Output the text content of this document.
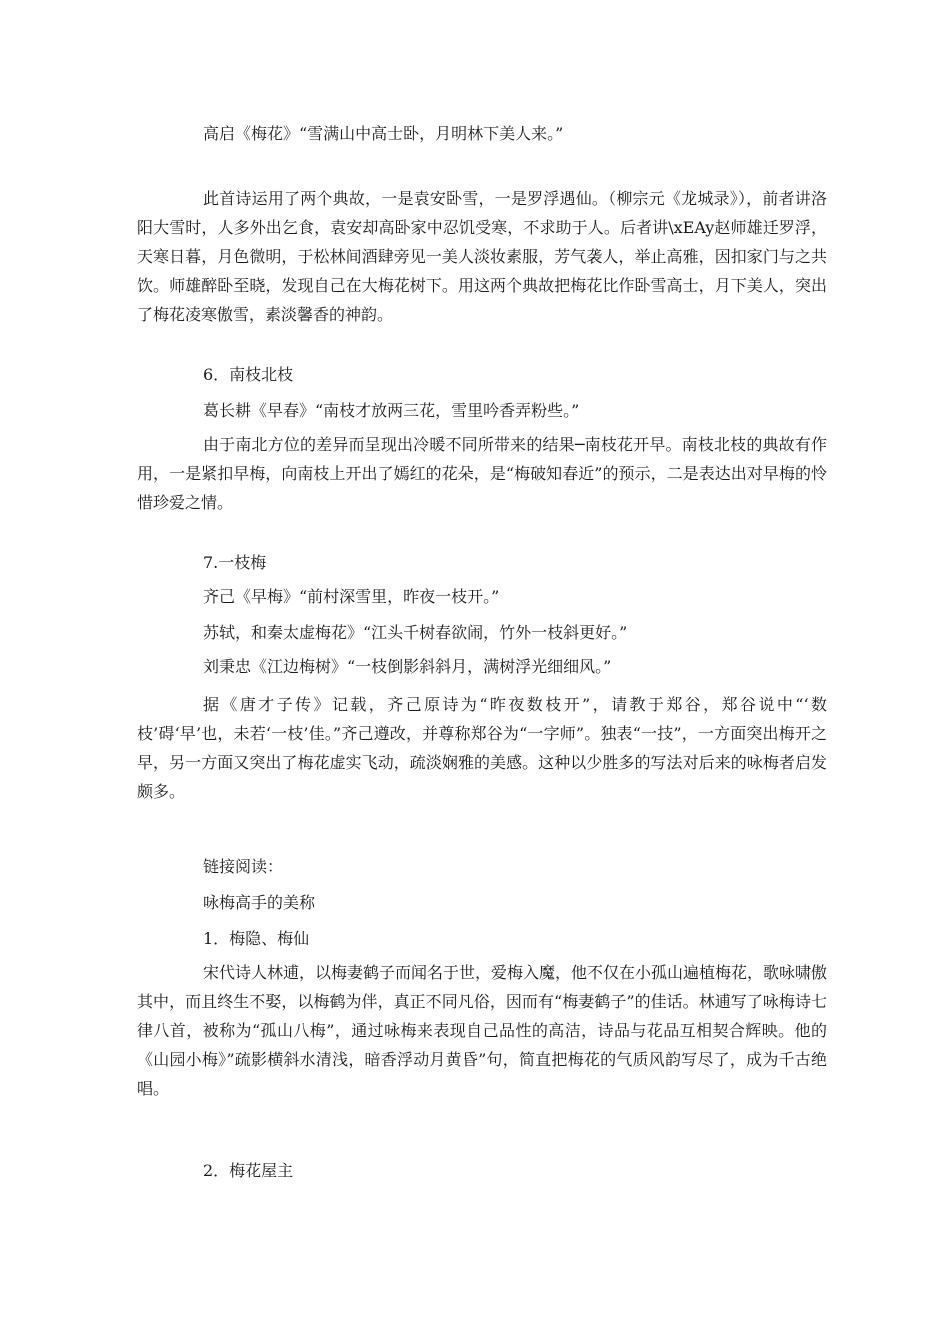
高启《梅花》“雪满山中高士卧，月明林下美人来。”

此首诗运用了两个典故，一是袁安卧雪，一是罗浮遇仙。（柳宗元《龙城录》），前者讲洛阳大雪时，人多外出乞食，袁安却高卧家中忍饥受寒，不求助于人。后者讲\xEAy赵师雄迁罗浮，天寒日暮，月色微明，于松林间酒肆旁见一美人淡妆素服，芳气袭人，举止高雅，因扣家门与之共饮。师雄醉卧至晓，发现自己在大梅花树下。用这两个典故把梅花比作卧雪高士，月下美人，突出了梅花凌寒傲雪，素淡馨香的神韵。

6．南枝北枝

葛长耕《早春》“南枝才放两三花，雪里吟香弄粉些。”

由于南北方位的差异而呈现出冷暖不同所带来的结果─南枝花开早。南枝北枝的典故有作用，一是紧扣早梅，向南枝上开出了嫣红的花朵，是“梅破知春近”的预示，二是表达出对早梅的怜惜珍爱之情。

7.一枝梅

齐己《早梅》“前村深雪里，昨夜一枝开。”

苏轼，和秦太虚梅花》“江头千树春欲闹，竹外一枝斜更好。”

刘秉忠《江边梅树》“一枝倒影斜斜月，满树浮光细细风。”

据《唐才子传》记载，齐己原诗为“昨夜数枝开”，请教于郑谷，郑谷说中“‘数枝’碍‘早’也，未若‘一枝’佳。”齐己遵改，并尊称郑谷为“一字师”。独表“一技”，一方面突出梅开之早，另一方面又突出了梅花虚实飞动，疏淡娴雅的美感。这种以少胜多的写法对后来的咏梅者启发颇多。

链接阅读：

咏梅高手的美称

1．梅隐、梅仙

宋代诗人林逋，以梅妻鹤子而闻名于世，爱梅入魔，他不仅在小孤山遍植梅花，歌咏啸傲其中，而且终生不娶，以梅鹤为伴，真正不同凡俗，因而有“梅妻鹤子”的佳话。林逋写了咏梅诗七律八首，被称为“孤山八梅”，通过咏梅来表现自己品性的高洁，诗品与花品互相契合辉映。他的《山园小梅》”疏影横斜水清浅，暗香浮动月黄昏”句，简直把梅花的气质风韵写尽了，成为千古绝唱。

2．梅花屋主
